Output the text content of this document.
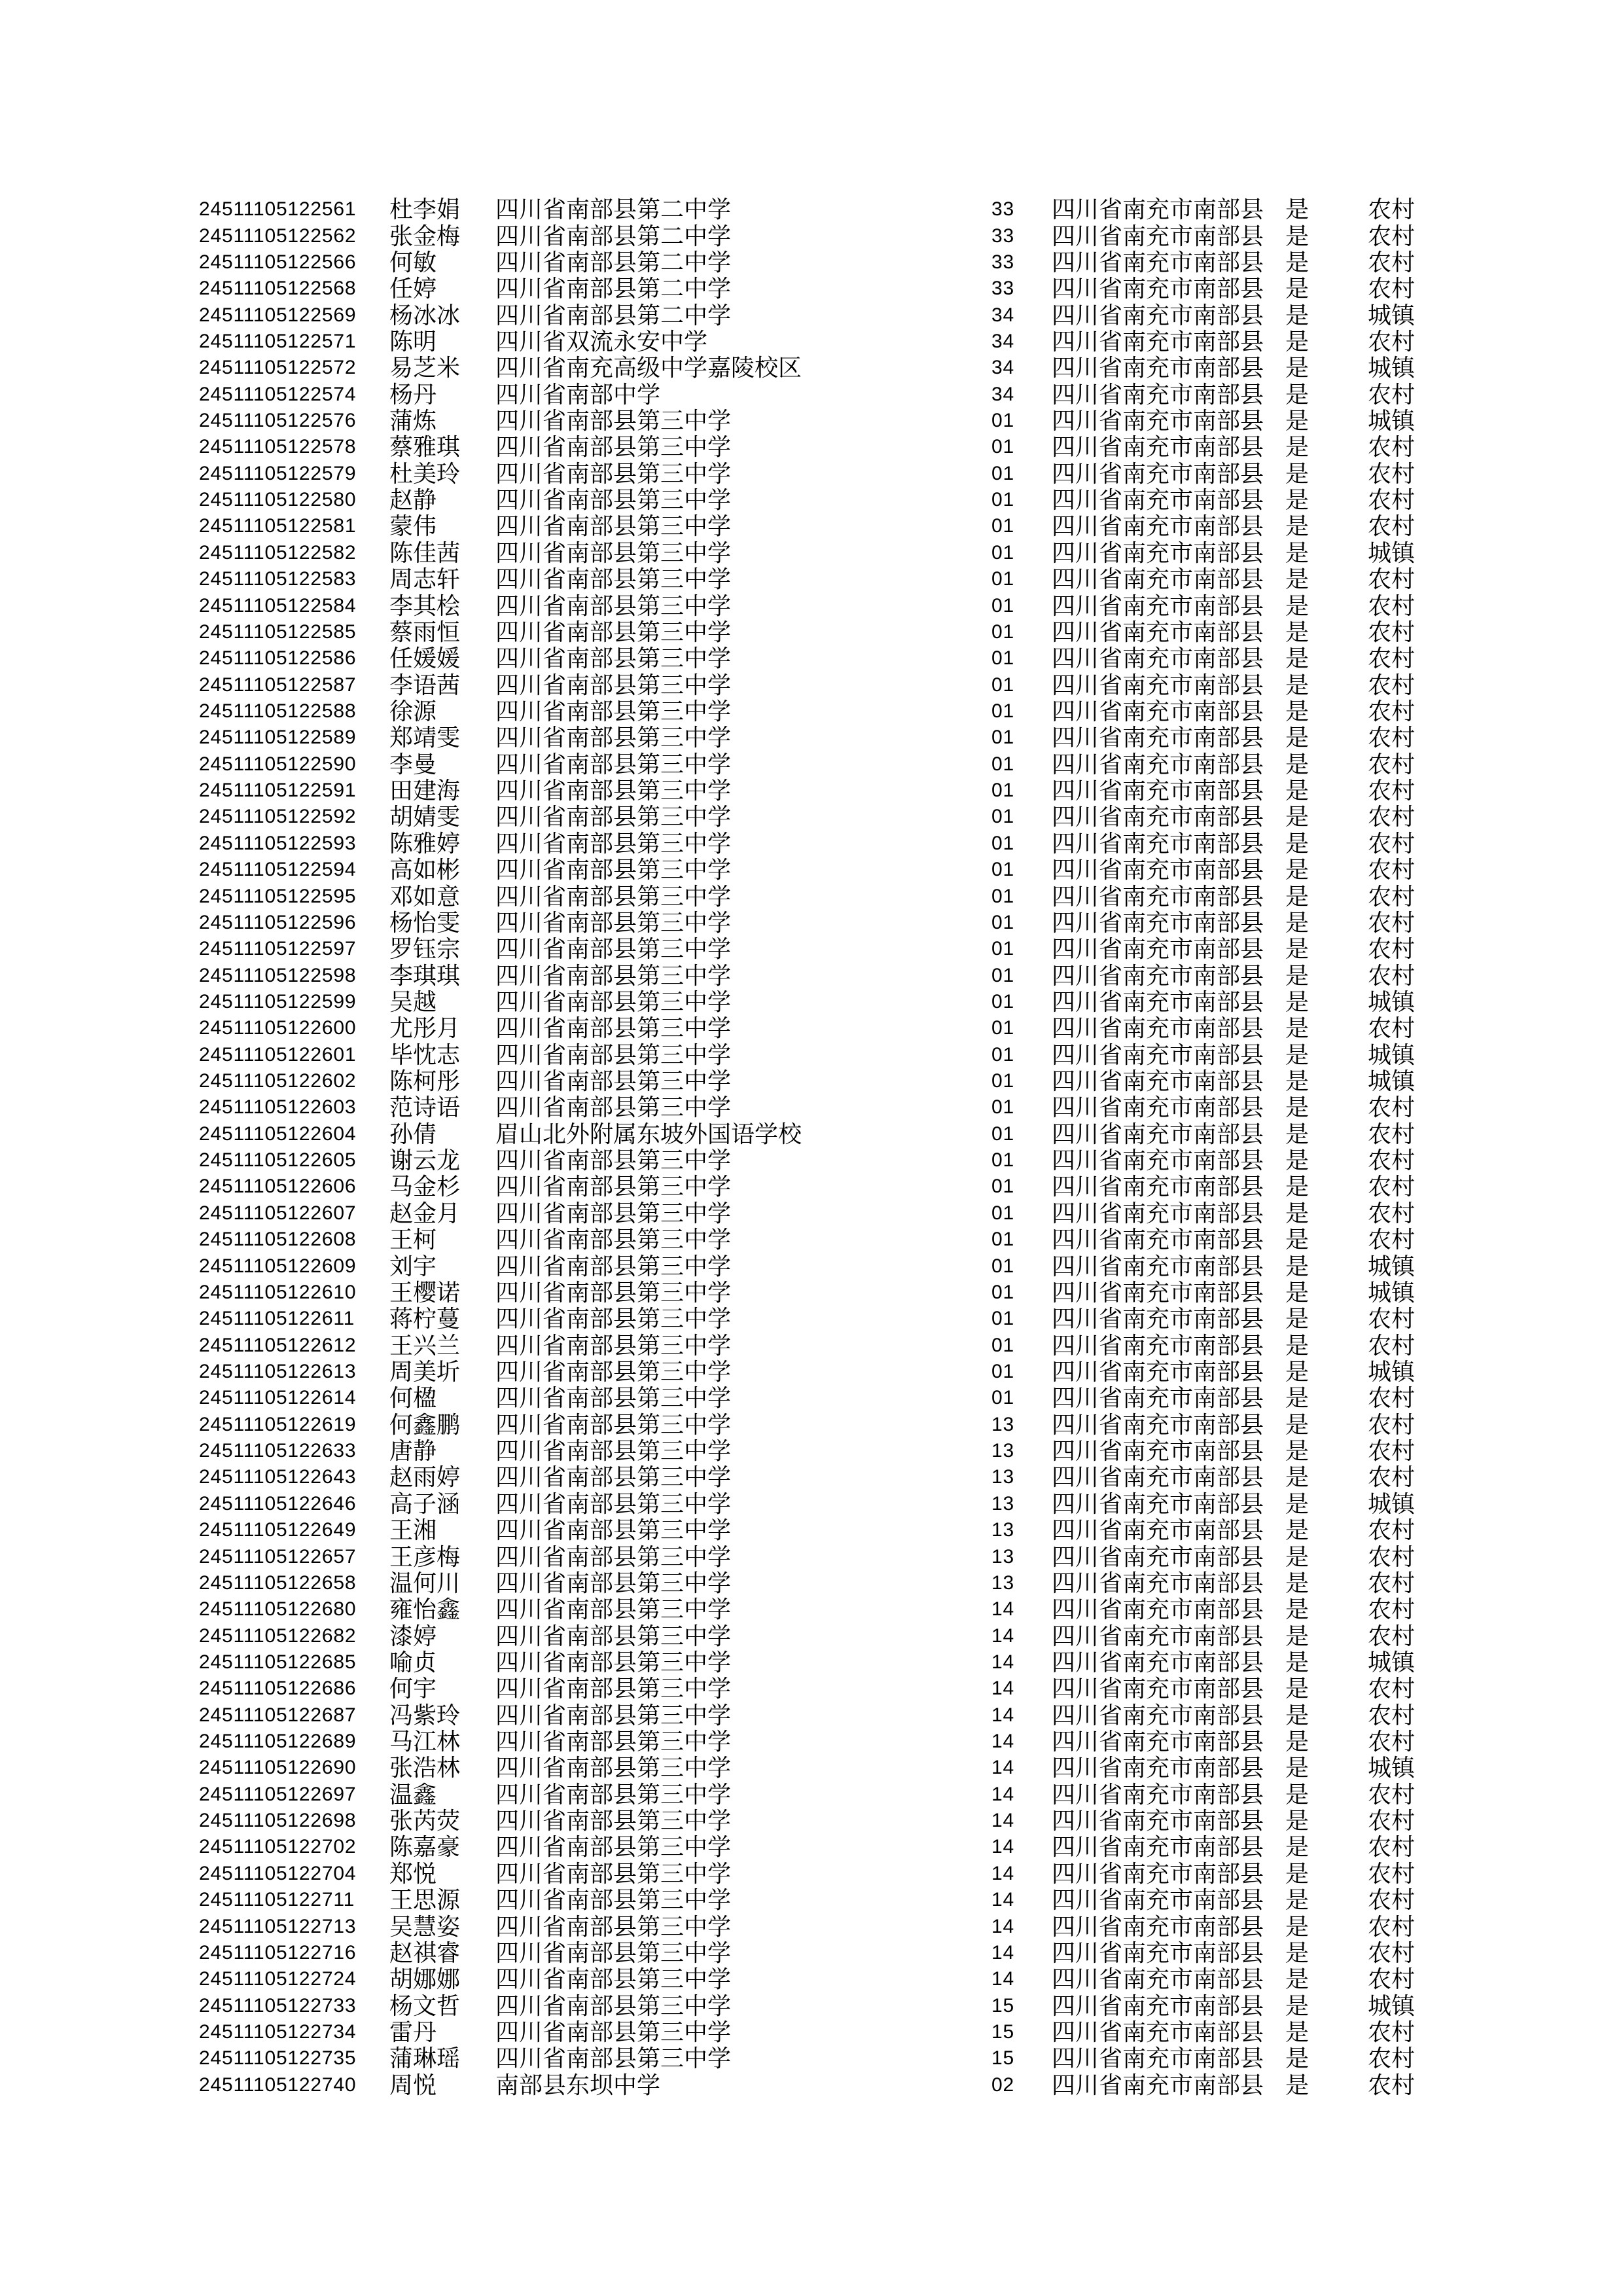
24511105122561 杜李娟 四川省南部县第二中学	33 四川省南充市南部县 是 农村
24511105122562 张金梅 四川省南部县第二中学	33 四川省南充市南部县 是 农村
24511105122566 何敏 四川省南部县第二中学	33 四川省南充市南部县 是 农村
24511105122568 任婷 四川省南部县第二中学	33 四川省南充市南部县 是 农村
24511105122569 杨冰冰 四川省南部县第二中学	34 四川省南充市南部县 是 城镇
24511105122571 陈明 四川省双流永安中学	34 四川省南充市南部县 是 农村
24511105122572 易芝米 四川省南充高级中学嘉陵校区	34 四川省南充市南部县 是 城镇
24511105122574 杨丹 四川省南部中学	34 四川省南充市南部县 是 农村
24511105122576 蒲炼 四川省南部县第三中学	01 四川省南充市南部县 是 城镇
24511105122578 蔡雅琪 四川省南部县第三中学	01 四川省南充市南部县 是 农村
24511105122579 杜美玲 四川省南部县第三中学	01 四川省南充市南部县 是 农村
24511105122580 赵静 四川省南部县第三中学	01 四川省南充市南部县 是 农村
24511105122581 蒙伟 四川省南部县第三中学	01 四川省南充市南部县 是 农村
24511105122582 陈佳茜 四川省南部县第三中学	01 四川省南充市南部县 是 城镇
24511105122583 周志轩 四川省南部县第三中学	01 四川省南充市南部县 是 农村
24511105122584 李其桧 四川省南部县第三中学	01 四川省南充市南部县 是 农村
24511105122585 蔡雨恒 四川省南部县第三中学	01 四川省南充市南部县 是 农村
24511105122586 任媛媛 四川省南部县第三中学	01 四川省南充市南部县 是 农村
24511105122587 李语茜 四川省南部县第三中学	01 四川省南充市南部县 是 农村
24511105122588 徐源 四川省南部县第三中学	01 四川省南充市南部县 是 农村
24511105122589 郑靖雯 四川省南部县第三中学	01 四川省南充市南部县 是 农村
24511105122590 李曼 四川省南部县第三中学	01 四川省南充市南部县 是 农村
24511105122591 田建海 四川省南部县第三中学	01 四川省南充市南部县 是 农村
24511105122592 胡婧雯 四川省南部县第三中学	01 四川省南充市南部县 是 农村
24511105122593 陈雅婷 四川省南部县第三中学	01 四川省南充市南部县 是 农村
24511105122594 高如彬 四川省南部县第三中学	01 四川省南充市南部县 是 农村
24511105122595 邓如意 四川省南部县第三中学	01 四川省南充市南部县 是 农村
24511105122596 杨怡雯 四川省南部县第三中学	01 四川省南充市南部县 是 农村
24511105122597 罗钰宗 四川省南部县第三中学	01 四川省南充市南部县 是 农村
24511105122598 李琪琪 四川省南部县第三中学	01 四川省南充市南部县 是 农村
24511105122599 吴越 四川省南部县第三中学	01 四川省南充市南部县 是 城镇
24511105122600 尤彤月 四川省南部县第三中学	01 四川省南充市南部县 是 农村
24511105122601 毕忱志 四川省南部县第三中学	01 四川省南充市南部县 是 城镇
24511105122602 陈柯彤 四川省南部县第三中学	01 四川省南充市南部县 是 城镇
24511105122603 范诗语 四川省南部县第三中学	01 四川省南充市南部县 是 农村
24511105122604 孙倩 眉山北外附属东坡外国语学校	01 四川省南充市南部县 是 农村
24511105122605 谢云龙 四川省南部县第三中学	01 四川省南充市南部县 是 农村
24511105122606 马金杉 四川省南部县第三中学	01 四川省南充市南部县 是 农村
24511105122607 赵金月 四川省南部县第三中学	01 四川省南充市南部县 是 农村
24511105122608 王柯 四川省南部县第三中学	01 四川省南充市南部县 是 农村
24511105122609 刘宇 四川省南部县第三中学	01 四川省南充市南部县 是 城镇
24511105122610 王樱诺 四川省南部县第三中学	01 四川省南充市南部县 是 城镇
24511105122611 蒋柠蔓 四川省南部县第三中学	01 四川省南充市南部县 是 农村
24511105122612 王兴兰 四川省南部县第三中学	01 四川省南充市南部县 是 农村
24511105122613 周美圻 四川省南部县第三中学	01 四川省南充市南部县 是 城镇
24511105122614 何楹 四川省南部县第三中学	01 四川省南充市南部县 是 农村
24511105122619 何鑫鹏 四川省南部县第三中学	13 四川省南充市南部县 是 农村
24511105122633 唐静 四川省南部县第三中学	13 四川省南充市南部县 是 农村
24511105122643 赵雨婷 四川省南部县第三中学	13 四川省南充市南部县 是 农村
24511105122646 高子涵 四川省南部县第三中学	13 四川省南充市南部县 是 城镇
24511105122649 王湘 四川省南部县第三中学	13 四川省南充市南部县 是 农村
24511105122657 王彦梅 四川省南部县第三中学	13 四川省南充市南部县 是 农村
24511105122658 温何川 四川省南部县第三中学	13 四川省南充市南部县 是 农村
24511105122680 雍怡鑫 四川省南部县第三中学	14 四川省南充市南部县 是 农村
24511105122682 漆婷 四川省南部县第三中学	14 四川省南充市南部县 是 农村
24511105122685 喻贞 四川省南部县第三中学	14 四川省南充市南部县 是 城镇
24511105122686 何宇 四川省南部县第三中学	14 四川省南充市南部县 是 农村
24511105122687 冯紫玲 四川省南部县第三中学	14 四川省南充市南部县 是 农村
24511105122689 马江林 四川省南部县第三中学	14 四川省南充市南部县 是 农村
24511105122690 张浩林 四川省南部县第三中学	14 四川省南充市南部县 是 城镇
24511105122697 温鑫 四川省南部县第三中学	14 四川省南充市南部县 是 农村
24511105122698 张芮荧 四川省南部县第三中学	14 四川省南充市南部县 是 农村
24511105122702 陈嘉豪 四川省南部县第三中学	14 四川省南充市南部县 是 农村
24511105122704 郑悦 四川省南部县第三中学	14 四川省南充市南部县 是 农村
24511105122711 王思源 四川省南部县第三中学	14 四川省南充市南部县 是 农村
24511105122713 吴慧姿 四川省南部县第三中学	14 四川省南充市南部县 是 农村
24511105122716 赵祺睿 四川省南部县第三中学	14 四川省南充市南部县 是 农村
24511105122724 胡娜娜 四川省南部县第三中学	14 四川省南充市南部县 是 农村
24511105122733 杨文哲 四川省南部县第三中学	15 四川省南充市南部县 是 城镇
24511105122734 雷丹 四川省南部县第三中学	15 四川省南充市南部县 是 农村
24511105122735 蒲琳瑶 四川省南部县第三中学	15 四川省南充市南部县 是 农村
24511105122740 周悦 南部县东坝中学	02 四川省南充市南部县 是 农村
